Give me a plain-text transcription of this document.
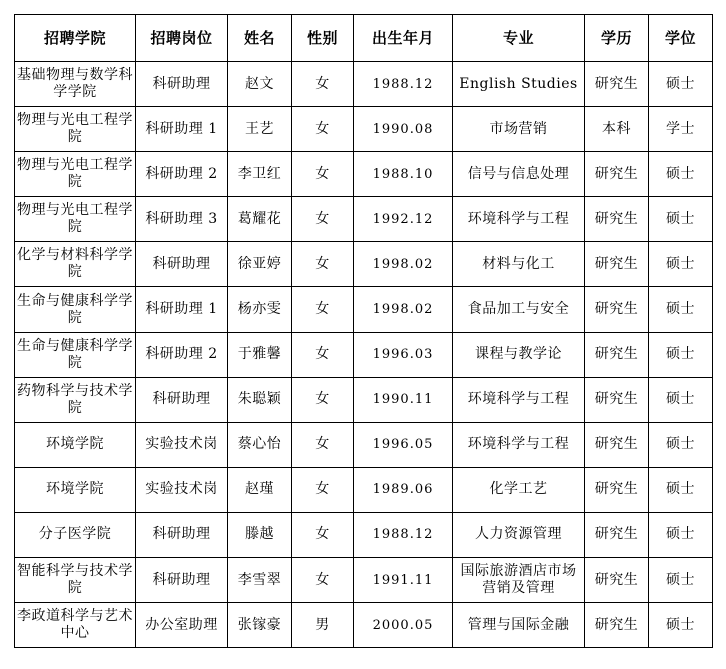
招聘学院	招聘岗位	姓名	性别	出生年月	专业	学历	学位
基础物理与数学科学学院	科研助理	赵文	女	1988.12	English Studies	研究生	硕士
物理与光电工程学院	科研助理 1	王艺	女	1990.08	市场营销	本科	学士
物理与光电工程学院	科研助理 2	李卫红	女	1988.10	信号与信息处理	研究生	硕士
物理与光电工程学院	科研助理 3	葛耀花	女	1992.12	环境科学与工程	研究生	硕士
化学与材料科学学院	科研助理	徐亚婷	女	1998.02	材料与化工	研究生	硕士
生命与健康科学学院	科研助理 1	杨亦雯	女	1998.02	食品加工与安全	研究生	硕士
生命与健康科学学院	科研助理 2	于雅馨	女	1996.03	课程与教学论	研究生	硕士
药物科学与技术学院	科研助理	朱聪颖	女	1990.11	环境科学与工程	研究生	硕士
环境学院	实验技术岗	蔡心怡	女	1996.05	环境科学与工程	研究生	硕士
环境学院	实验技术岗	赵瑾	女	1989.06	化学工艺	研究生	硕士
分子医学院	科研助理	滕越	女	1988.12	人力资源管理	研究生	硕士
智能科学与技术学院	科研助理	李雪翠	女	1991.11	国际旅游酒店市场营销及管理	研究生	硕士
李政道科学与艺术中心	办公室助理	张镓豪	男	2000.05	管理与国际金融	研究生	硕士
